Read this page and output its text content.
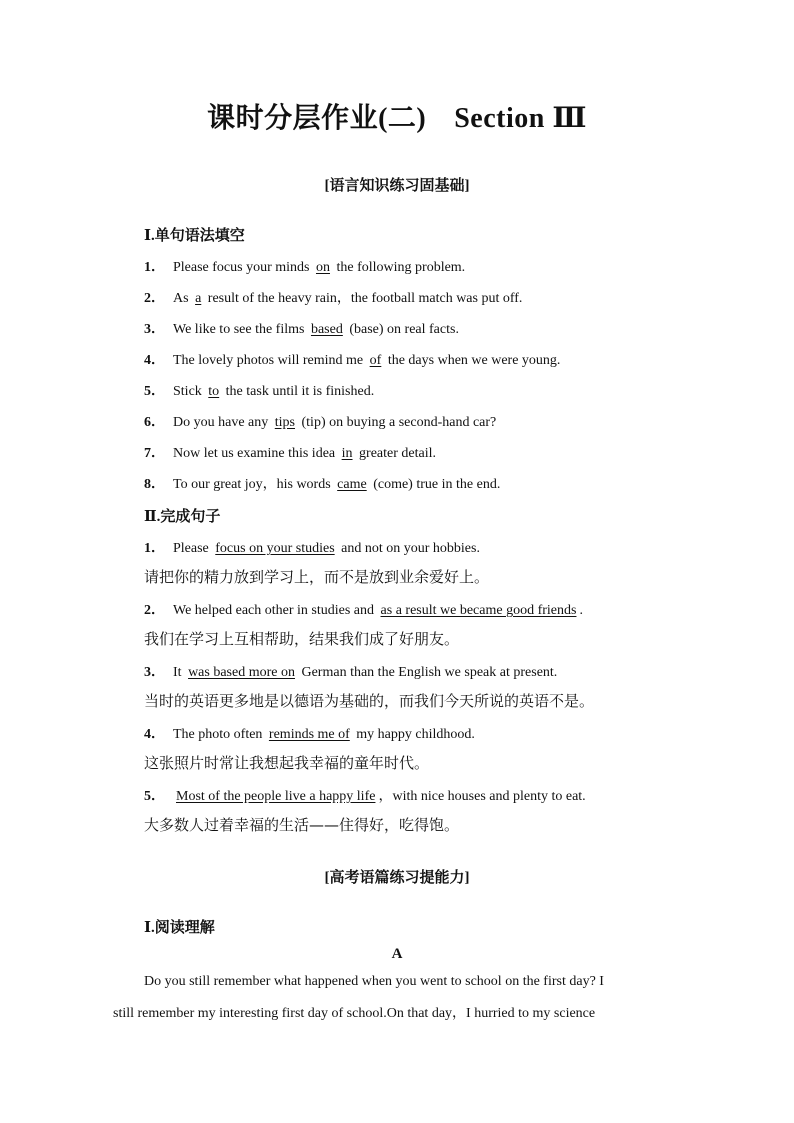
课时分层作业(二) Section Ⅲ
[语言知识练习固基础]
Ⅰ.单句语法填空
1． Please focus your minds on the following problem.
2． As a result of the heavy rain，the football match was put off.
3． We like to see the films based (base) on real facts.
4． The lovely photos will remind me of the days when we were young.
5． Stick to the task until it is finished.
6． Do you have any tips (tip) on buying a second-hand car?
7． Now let us examine this idea in greater detail.
8． To our great joy，his words came (come) true in the end.
Ⅱ.完成句子
1． Please focus on your studies and not on your hobbies.
请把你的精力放到学习上，而不是放到业余爱好上。
2． We helped each other in studies and as a result we became good friends .
我们在学习上互相帮助，结果我们成了好朋友。
3． It was based more on German than the English we speak at present.
当时的英语更多地是以德语为基础的，而我们今天所说的英语不是。
4． The photo often reminds me of my happy childhood.
这张照片时常让我想起我幸福的童年时代。
5． Most of the people live a happy life ，with nice houses and plenty to eat.
大多数人过着幸福的生活——住得好，吃得饱。
[高考语篇练习提能力]
Ⅰ.阅读理解
A
Do you still remember what happened when you went to school on the first day? I
still remember my interesting first day of school.On that day，I hurried to my science
